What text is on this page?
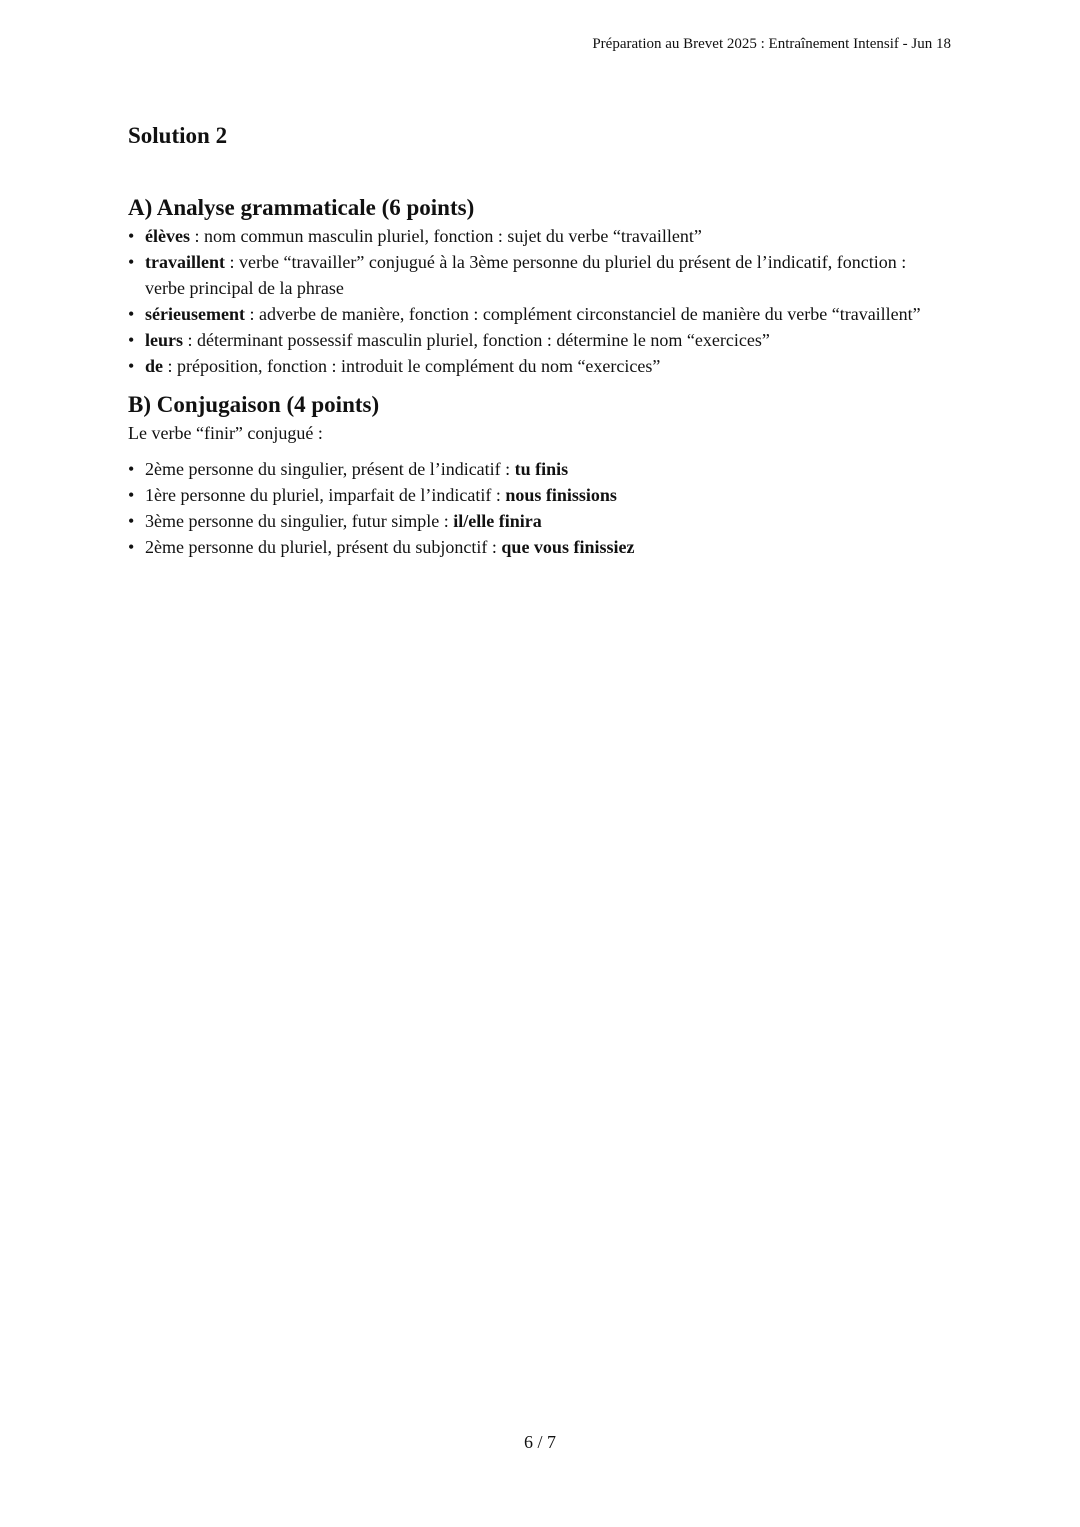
Préparation au Brevet 2025 : Entraînement Intensif - Jun 18
Solution 2
A) Analyse grammaticale (6 points)
• élèves : nom commun masculin pluriel, fonction : sujet du verbe “travaillent”
• travaillent : verbe “travailler” conjugué à la 3ème personne du pluriel du présent de l’indicatif, fonction : verbe principal de la phrase
• sérieusement : adverbe de manière, fonction : complément circonstanciel de manière du verbe “travaillent”
• leurs : déterminant possessif masculin pluriel, fonction : détermine le nom “exercices”
• de : préposition, fonction : introduit le complément du nom “exercices”
B) Conjugaison (4 points)

Le verbe “finir” conjugué :

• 2ème personne du singulier, présent de l’indicatif : tu finis
• 1ère personne du pluriel, imparfait de l’indicatif : nous finissions
• 3ème personne du singulier, futur simple : il/elle finira
• 2ème personne du pluriel, présent du subjonctif : que vous finissiez
6 / 7
